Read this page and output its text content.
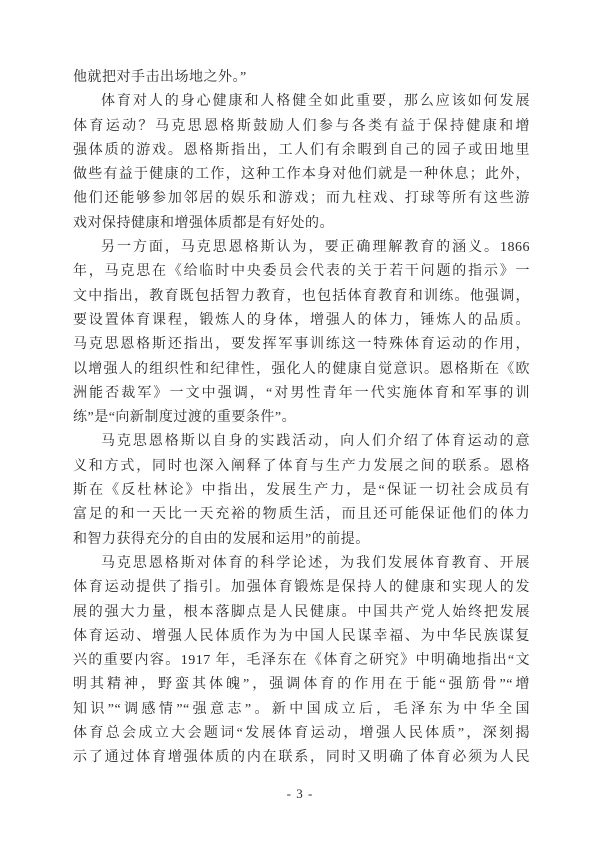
他就把对手击出场地之外。”
体育对人的身心健康和人格健全如此重要，那么应该如何发展
体育运动？马克思恩格斯鼓励人们参与各类有益于保持健康和增
强体质的游戏。恩格斯指出，工人们有余暇到自己的园子或田地里
做些有益于健康的工作，这种工作本身对他们就是一种休息；此外，
他们还能够参加邻居的娱乐和游戏；而九柱戏、打球等所有这些游
戏对保持健康和增强体质都是有好处的。
另一方面，马克思恩格斯认为，要正确理解教育的涵义。1866
年，马克思在《给临时中央委员会代表的关于若干问题的指示》一
文中指出，教育既包括智力教育，也包括体育教育和训练。他强调，
要设置体育课程，锻炼人的身体，增强人的体力，锤炼人的品质。
马克思恩格斯还指出，要发挥军事训练这一特殊体育运动的作用，
以增强人的组织性和纪律性，强化人的健康自觉意识。恩格斯在《欧
洲能否裁军》一文中强调，“对男性青年一代实施体育和军事的训
练”是“向新制度过渡的重要条件”。
马克思恩格斯以自身的实践活动，向人们介绍了体育运动的意
义和方式，同时也深入阐释了体育与生产力发展之间的联系。恩格
斯在《反杜林论》中指出，发展生产力，是“保证一切社会成员有
富足的和一天比一天充裕的物质生活，而且还可能保证他们的体力
和智力获得充分的自由的发展和运用”的前提。
马克思恩格斯对体育的科学论述，为我们发展体育教育、开展
体育运动提供了指引。加强体育锻炼是保持人的健康和实现人的发
展的强大力量，根本落脚点是人民健康。中国共产党人始终把发展
体育运动、增强人民体质作为为中国人民谋幸福、为中华民族谋复
兴的重要内容。1917 年，毛泽东在《体育之研究》中明确地指出“文
明其精神，野蛮其体魄”，强调体育的作用在于能“强筋骨”“增
知识”“调感情”“强意志”。新中国成立后，毛泽东为中华全国
体育总会成立大会题词“发展体育运动，增强人民体质”，深刻揭
示了通过体育增强体质的内在联系，同时又明确了体育必须为人民
- 3 -
